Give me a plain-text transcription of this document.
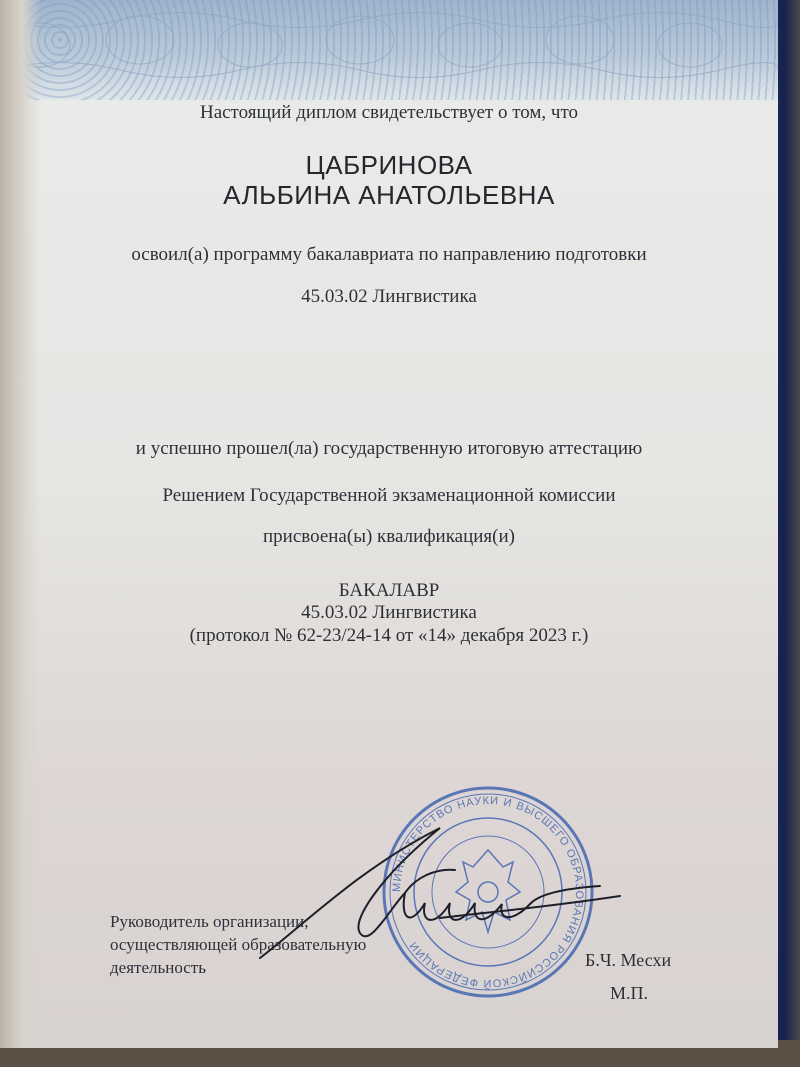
Настоящий диплом свидетельствует о том, что
ЦАБРИНОВА
АЛЬБИНА АНАТОЛЬЕВНА
освоил(а) программу бакалавриата по направлению подготовки
45.03.02 Лингвистика
и успешно прошел(ла) государственную итоговую аттестацию
Решением Государственной экзаменационной комиссии
присвоена(ы) квалификация(и)
БАКАЛАВР
45.03.02 Лингвистика
(протокол № 62-23/24-14 от «14» декабря 2023 г.)
Руководитель организации,
осуществляющей образовательную
деятельность
МИНИСТЕРСТВО НАУКИ И ВЫСШЕГО ОБРАЗОВАНИЯ РОССИЙСКОЙ ФЕДЕРАЦИИ
Б.Ч. Месхи
М.П.
